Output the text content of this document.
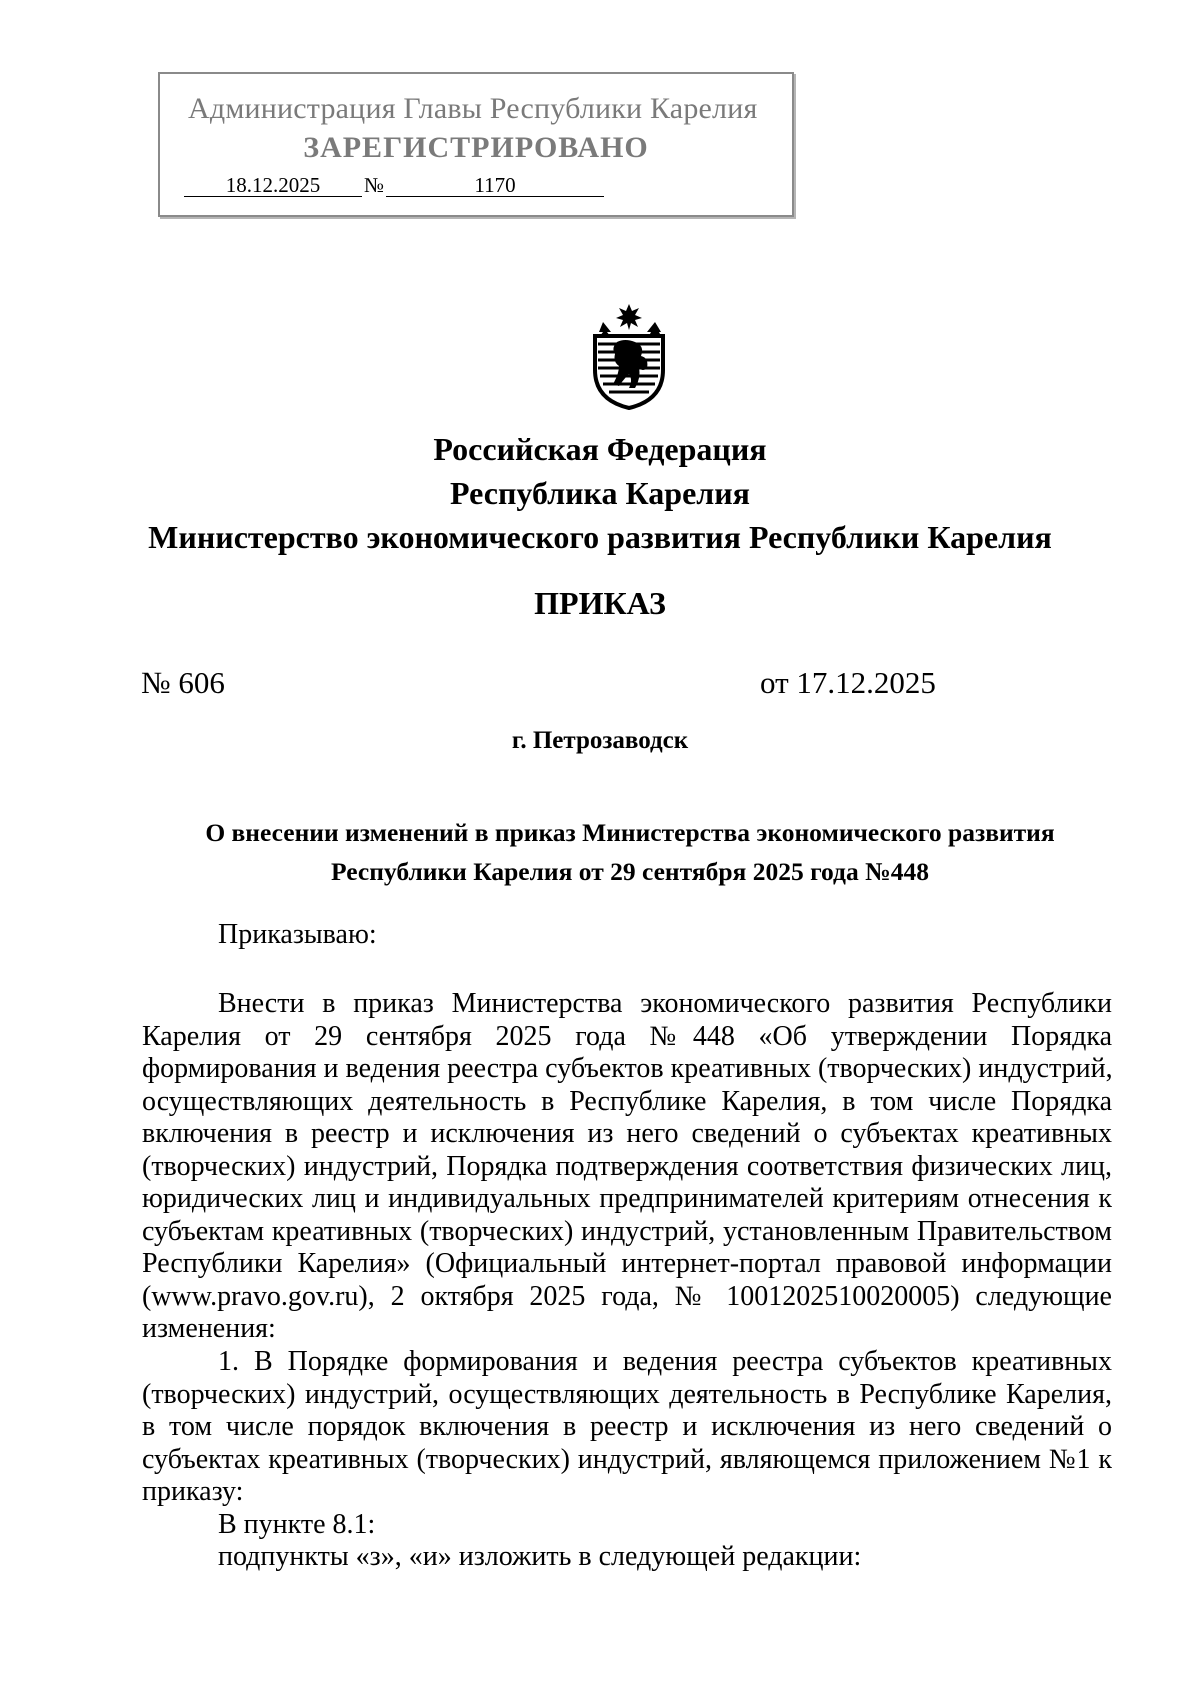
Администрация Главы Республики Карелия
ЗАРЕГИСТРИРОВАНО
18.12.2025 №	1170
Российская Федерация
Республика Карелия
Министерство экономического развития Республики Карелия
ПРИКАЗ
№ 606	от 17.12.2025
г. Петрозаводск
О внесении изменений в приказ Министерства экономического развития
Республики Карелия от 29 сентября 2025 года №448
Приказываю:
Внести в приказ Министерства экономического развития Республики
Карелия от 29 сентября 2025 года №448 «Об утверждении Порядка
формирования и ведения реестра субъектов креативных (творческих) индустрий,
осуществляющих деятельность в Республике Карелия, в том числе Порядка
включения в реестр и исключения из него сведений о субъектах креативных
(творческих) индустрий, Порядка подтверждения соответствия физических лиц,
юридических лиц и индивидуальных предпринимателей критериям отнесения к
субъектам креативных (творческих) индустрий, установленным Правительством
Республики Карелия» (Официальный интернет-портал правовой информации
(www.pravo.gov.ru), 2 октября 2025 года, № 1001202510020005) следующие
изменения:
1. В Порядке формирования и ведения реестра субъектов креативных
(творческих) индустрий, осуществляющих деятельность в Республике Карелия,
в том числе порядок включения в реестр и исключения из него сведений о
субъектах креативных (творческих) индустрий, являющемся приложением №1 к
приказу:
В пункте 8.1:
подпункты «з», «и» изложить в следующей редакции:
